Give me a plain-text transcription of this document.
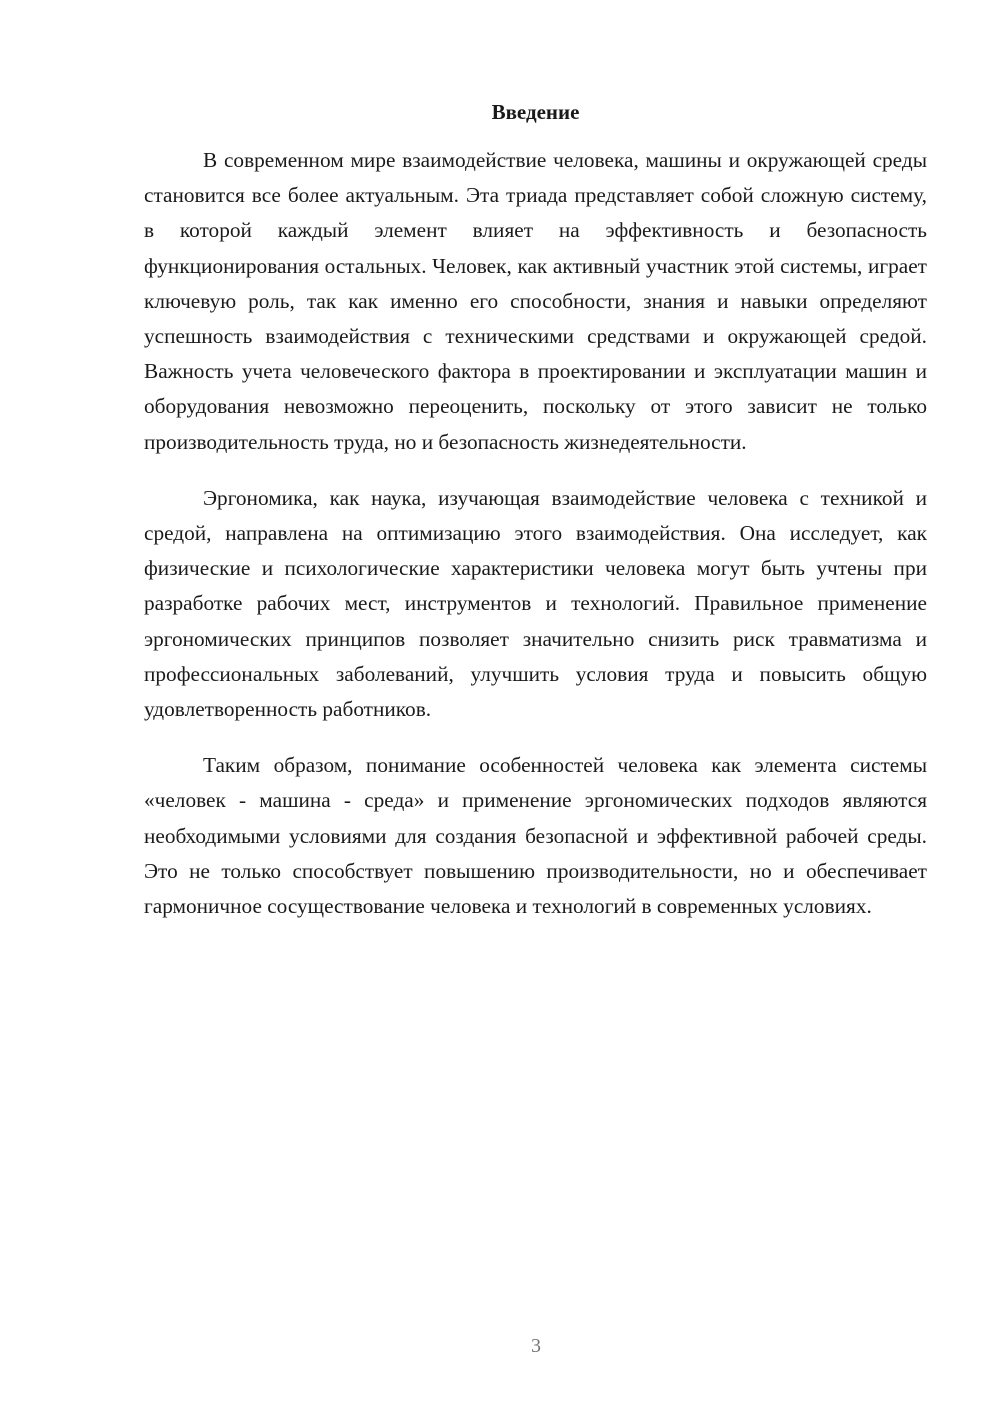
Введение

В современном мире взаимодействие человека, машины и окружающей среды становится все более актуальным. Эта триада представляет собой сложную систему, в которой каждый элемент влияет на эффективность и безопасность функционирования остальных. Человек, как активный участник этой системы, играет ключевую роль, так как именно его способности, знания и навыки определяют успешность взаимодействия с техническими средствами и окружающей средой. Важность учета человеческого фактора в проектировании и эксплуатации машин и оборудования невозможно переоценить, поскольку от этого зависит не только производительность труда, но и безопасность жизнедеятельности.

Эргономика, как наука, изучающая взаимодействие человека с техникой и средой, направлена на оптимизацию этого взаимодействия. Она исследует, как физические и психологические характеристики человека могут быть учтены при разработке рабочих мест, инструментов и технологий. Правильное применение эргономических принципов позволяет значительно снизить риск травматизма и профессиональных заболеваний, улучшить условия труда и повысить общую удовлетворенность работников.

Таким образом, понимание особенностей человека как элемента системы «человек - машина - среда» и применение эргономических подходов являются необходимыми условиями для создания безопасной и эффективной рабочей среды. Это не только способствует повышению производительности, но и обеспечивает гармоничное сосуществование человека и технологий в современных условиях.

3
